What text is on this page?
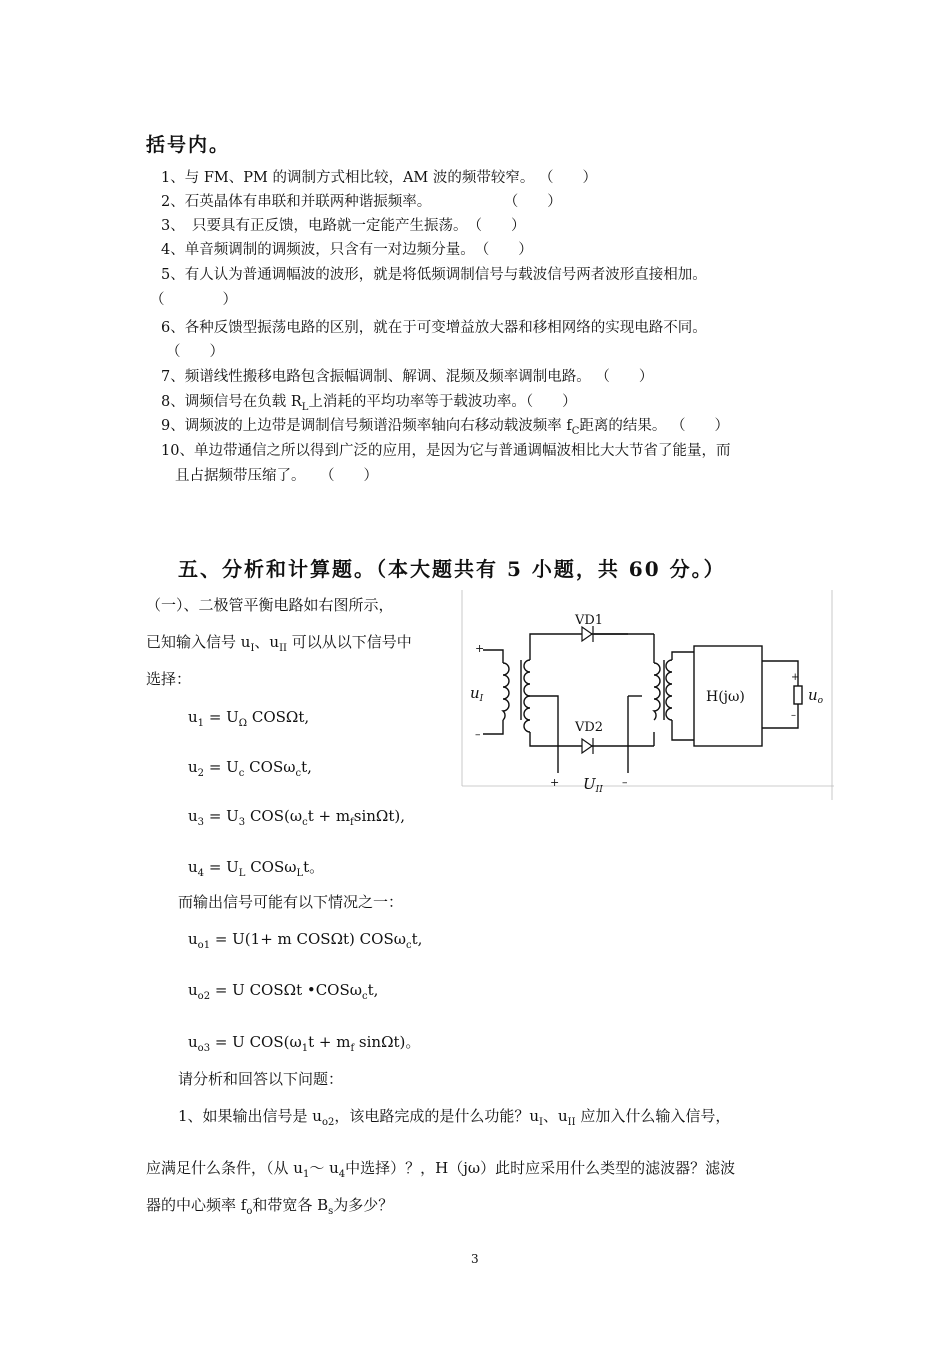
括号内。
1、与 FM、PM 的调制方式相比较，AM 波的频带较窄。 （　　）
2、石英晶体有串联和并联两种谐振频率。　　　　　　（　　）
3、　只要具有正反馈，电路就一定能产生振荡。　（　　）
4、单音频调制的调频波，只含有一对边频分量。　（　　）
5、有人认为普通调幅波的波形，就是将低频调制信号与载波信号两者波形直接相加。
（　　　　）
6、各种反馈型振荡电路的区别，就在于可变增益放大器和移相网络的实现电路不同。
（　　）
7、频谱线性搬移电路包含振幅调制、解调、混频及频率调制电路。 （　　）
8、调频信号在负载 $R_L$上消耗的平均功率等于载波功率。（　　）
9、调频波的上边带是调制信号频谱沿频率轴向右移动载波频率 $f_C$距离的结果。 （　　）
10、单边带通信之所以得到广泛的应用，是因为它与普通调幅波相比大大节省了能量，而
且占据频带压缩了。　　（　　）
五、分析和计算题。（本大题共有 5 小题，共 60 分。）
（一）、二极管平衡电路如右图所示，
已知输入信号 $u_I$、$u_{II}$ 可以从以下信号中
选择：
$u_1 = U_\Omega$ COSΩt,
$u_2 = U_c$ COSω$_c$t,
$u_3 = U_3$ $COS(\omega_ct + m_f\sin\Omega t)$,
$u_4 = U_L$ COSω$_L$t。
而输出信号可能有以下情况之一：
$u_{o1} = U(1+ m$ COSΩt) COSω$_c$t,
$u_{o2} = U$ COSΩt •COSω$_c$t,
$u_{o3} = U$ $COS(\omega_1t + m_f$ sinΩt)。
请分析和回答以下问题：
1、如果输出信号是 $u_{o2}$，该电路完成的是什么功能？$u_I$、$u_{II}$ 应加入什么输入信号，
应满足什么条件，（从 $u_1\sim$ $u_4$中选择）？，H（jω）此时应采用什么类型的滤波器？滤波
器的中心频率 $f_o$和带宽各 $B_s$为多少？
3
VD1
VD2
H(jω)
+
–
+	–
+
–
$u_I$
$U_{II}$
$u_o$
